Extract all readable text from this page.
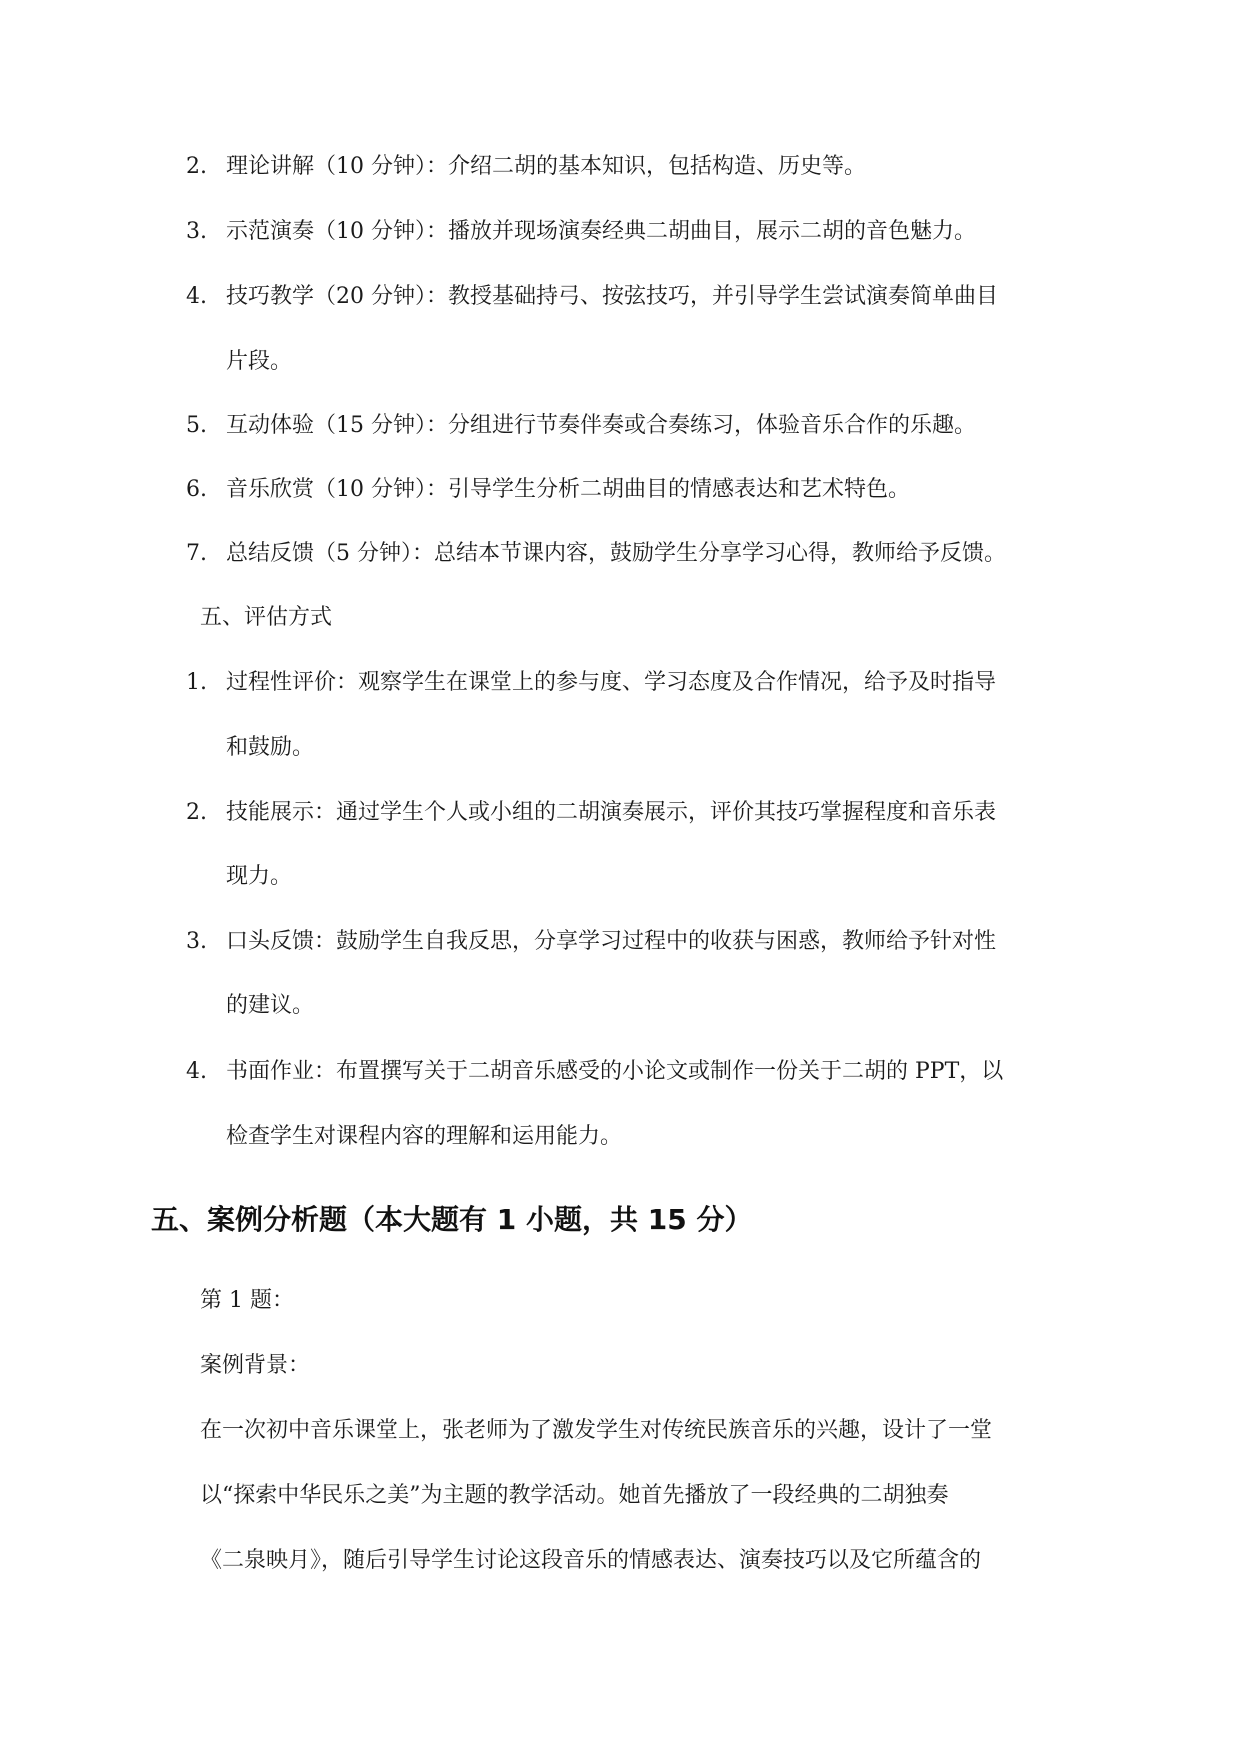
2. 理论讲解（10 分钟）：介绍二胡的基本知识，包括构造、历史等。
3. 示范演奏（10 分钟）：播放并现场演奏经典二胡曲目，展示二胡的音色魅力。
4. 技巧教学（20 分钟）：教授基础持弓、按弦技巧，并引导学生尝试演奏简单曲目
片段。
5. 互动体验（15 分钟）：分组进行节奏伴奏或合奏练习，体验音乐合作的乐趣。
6. 音乐欣赏（10 分钟）：引导学生分析二胡曲目的情感表达和艺术特色。
7. 总结反馈（5 分钟）：总结本节课内容，鼓励学生分享学习心得，教师给予反馈。
五、评估方式
1. 过程性评价：观察学生在课堂上的参与度、学习态度及合作情况，给予及时指导
和鼓励。
2. 技能展示：通过学生个人或小组的二胡演奏展示，评价其技巧掌握程度和音乐表
现力。
3. 口头反馈：鼓励学生自我反思，分享学习过程中的收获与困惑，教师给予针对性
的建议。
4. 书面作业：布置撰写关于二胡音乐感受的小论文或制作一份关于二胡的 PPT，以
检查学生对课程内容的理解和运用能力。
五、案例分析题（本大题有 1 小题，共 15 分）
第 1 题：
案例背景：
在一次初中音乐课堂上，张老师为了激发学生对传统民族音乐的兴趣，设计了一堂
以“探索中华民乐之美”为主题的教学活动。她首先播放了一段经典的二胡独奏
《二泉映月》，随后引导学生讨论这段音乐的情感表达、演奏技巧以及它所蕴含的
